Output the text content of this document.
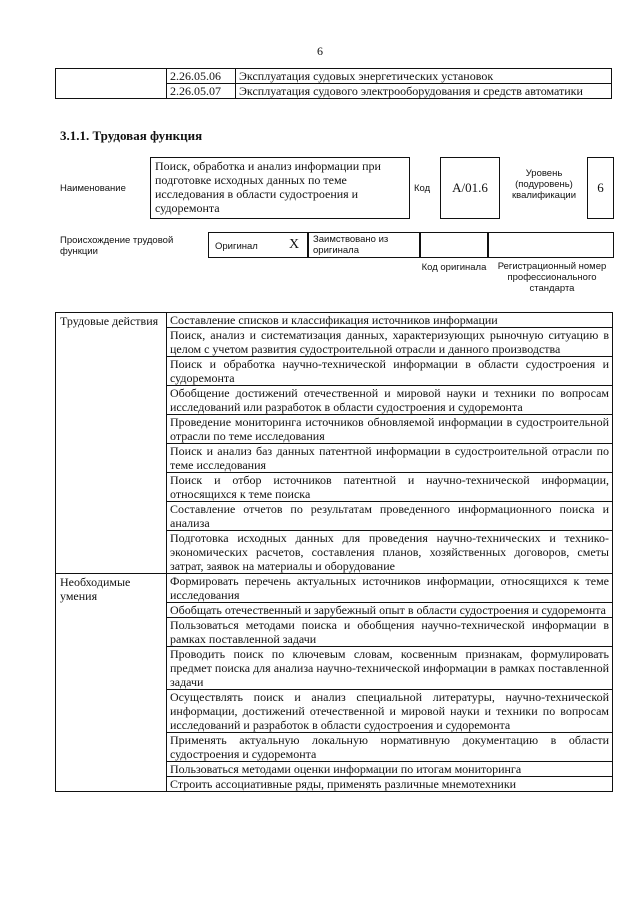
6
	2.26.05.06	Эксплуатация судовых энергетических установок
	2.26.05.07	Эксплуатация судового электрооборудования и средств автоматики
3.1.1. Трудовая функция
Наименование
Поиск, обработка и анализ информации при подготовке исходных данных по теме исследования в области судостроения и судоремонта
Код	A/01.6
Уровень (подуровень) квалификации
6
Происхождение трудовой функции	Оригинал X Заимствовано из оригинала
Код оригинала	Регистрационный номер профессионального стандарта
Трудовые действия	Составление списков и классификация источников информации
	Поиск, анализ и систематизация данных, характеризующих рыночную ситуацию в целом с учетом развития судостроительной отрасли и данного производства
	Поиск и обработка научно-технической информации в области судостроения и судоремонта
	Обобщение достижений отечественной и мировой науки и техники по вопросам исследований или разработок в области судостроения и судоремонта
	Проведение мониторинга источников обновляемой информации в судостроительной отрасли по теме исследования
	Поиск и анализ баз данных патентной информации в судостроительной отрасли по теме исследования
	Поиск и отбор источников патентной и научно-технической информации, относящихся к теме поиска
	Составление отчетов по результатам проведенного информационного поиска и анализа
	Подготовка исходных данных для проведения научно-технических и технико-экономических расчетов, составления планов, хозяйственных договоров, сметы затрат, заявок на материалы и оборудование
Необходимые умения	Формировать перечень актуальных источников информации, относящихся к теме исследования
	Обобщать отечественный и зарубежный опыт в области судостроения и судоремонта
	Пользоваться методами поиска и обобщения научно-технической информации в рамках поставленной задачи
	Проводить поиск по ключевым словам, косвенным признакам, формулировать предмет поиска для анализа научно-технической информации в рамках поставленной задачи
	Осуществлять поиск и анализ специальной литературы, научно-технической информации, достижений отечественной и мировой науки и техники по вопросам исследований и разработок в области судостроения и судоремонта
	Применять актуальную локальную нормативную документацию в области судостроения и судоремонта
	Пользоваться методами оценки информации по итогам мониторинга
	Строить ассоциативные ряды, применять различные мнемотехники
